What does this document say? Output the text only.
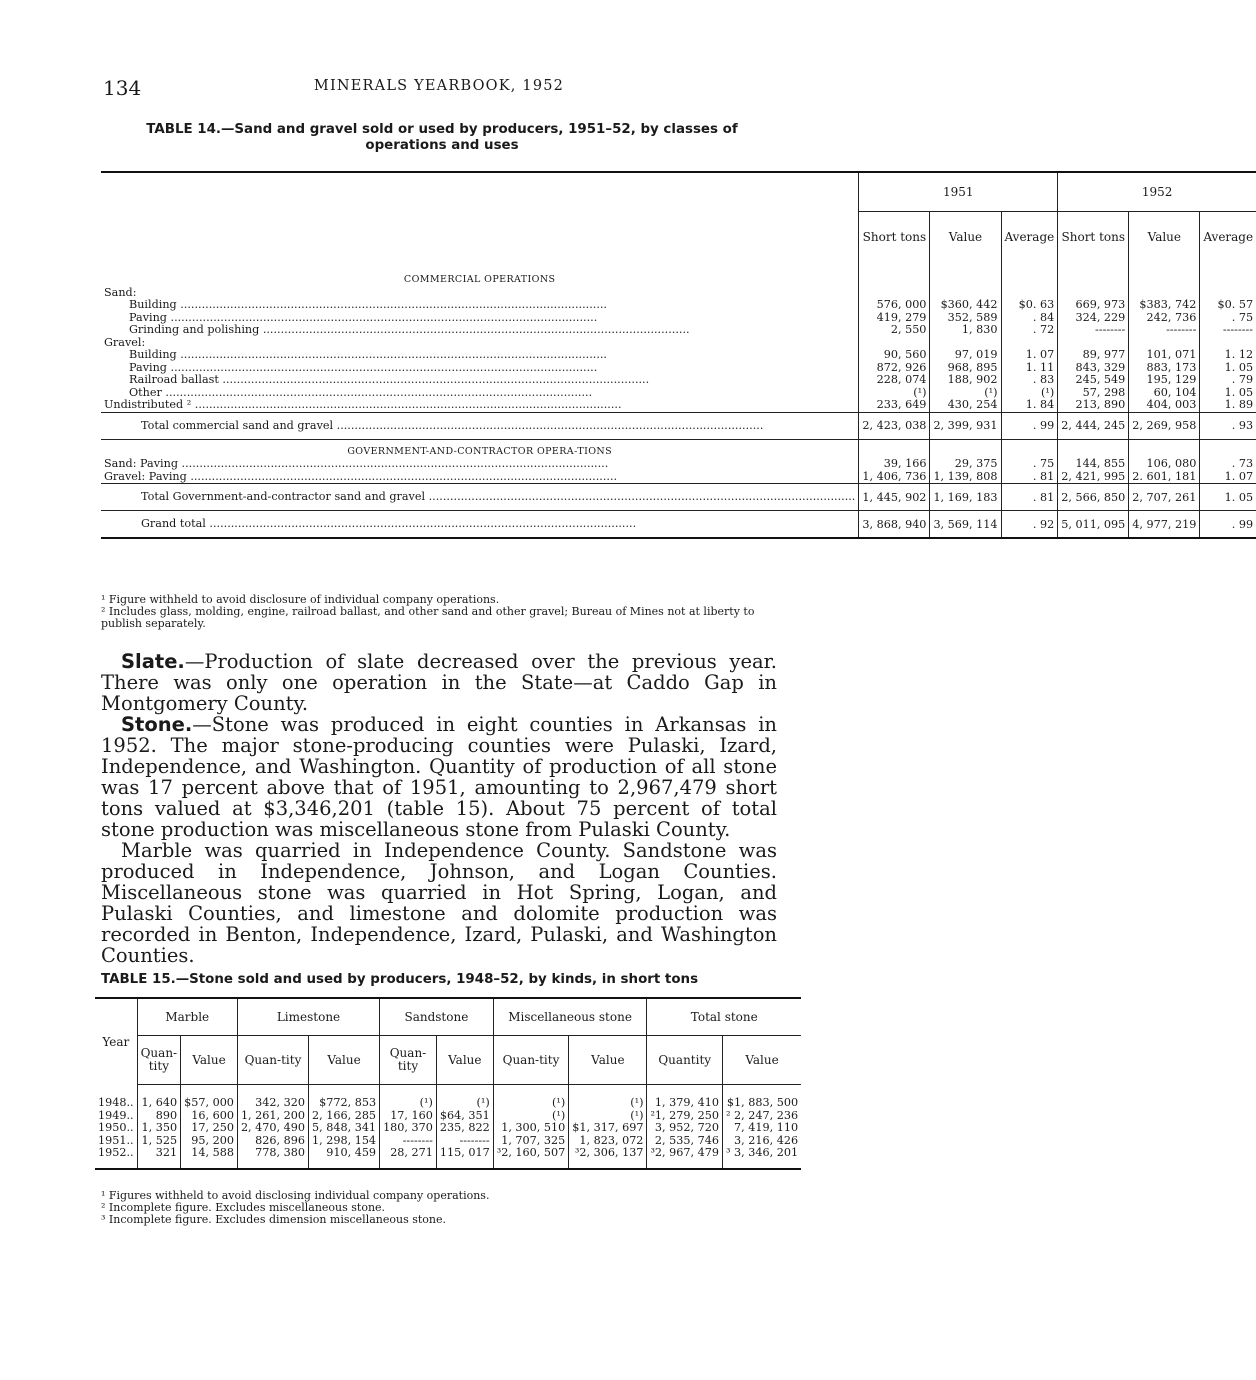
134	MINERALS YEARBOOK, 1952
TABLE 14.—Sand and gravel sold or used by producers, 1951–52, by classes of
operations and uses
	1951			1952		
	Short tons	Value	Average	Short tons	Value	Average
COMMERCIAL OPERATIONS						
Sand:						

Building ........................................................................................................................	576, 000	$360, 442	$0. 63	669, 973	$383, 742	$0. 57

Paving ........................................................................................................................	419, 279	352, 589	. 84	324, 229	242, 736	. 75

Grinding and polishing ........................................................................................................................	2, 550	1, 830	. 72	--------	--------	--------
Gravel:						

Building ........................................................................................................................	90, 560	97, 019	1. 07	89, 977	101, 071	1. 12

Paving ........................................................................................................................	872, 926	968, 895	1. 11	843, 329	883, 173	1. 05

Railroad ballast ........................................................................................................................	228, 074	188, 902	. 83	245, 549	195, 129	. 79

Other ........................................................................................................................	(¹)	(¹)	(¹)	57, 298	60, 104	1. 05

Undistributed ² ........................................................................................................................	233, 649	430, 254	1. 84	213, 890	404, 003	1. 89

Total commercial sand and gravel ........................................................................................................................	2, 423, 038	2, 399, 931	. 99	2, 444, 245	2, 269, 958	. 93
GOVERNMENT-AND-CONTRACTOR OPERA-TIONS						

Sand: Paving ........................................................................................................................	39, 166	29, 375	. 75	144, 855	106, 080	. 73

Gravel: Paving ........................................................................................................................	1, 406, 736	1, 139, 808	. 81	2, 421, 995	2. 601, 181	1. 07

Total Government-and-contractor sand and gravel ........................................................................................................................	1, 445, 902	1, 169, 183	. 81	2, 566, 850	2, 707, 261	1. 05

Grand total ........................................................................................................................	3, 868, 940	3, 569, 114	. 92	5, 011, 095	4, 977, 219	. 99
¹ Figure withheld to avoid disclosure of individual company operations.
² Includes glass, molding, engine, railroad ballast, and other sand and other gravel; Bureau of Mines not at liberty to publish separately.

Slate.—Production of slate decreased over the previous year. There was only one operation in the State—at Caddo Gap in Montgomery County.

Stone.—Stone was produced in eight counties in Arkansas in 1952. The major stone-producing counties were Pulaski, Izard, Independence, and Washington. Quantity of production of all stone was 17 percent above that of 1951, amounting to 2,967,479 short tons valued at $3,346,201 (table 15). About 75 percent of total stone production was miscellaneous stone from Pulaski County.

Marble was quarried in Independence County. Sandstone was produced in Independence, Johnson, and Logan Counties. Miscellaneous stone was quarried in Hot Spring, Logan, and Pulaski Counties, and limestone and dolomite production was recorded in Benton, Independence, Izard, Pulaski, and Washington Counties.

TABLE 15.—Stone sold and used by producers, 1948–52, by kinds, in short tons
Year	Marble		Limestone		Sandstone		Miscellaneous stone		Total stone	
	Quan-tity	Value	Quan-tity	Value	Quan-tity	Value	Quan-tity	Value	Quantity	Value
1948..	1, 640	$57, 000	342, 320	$772, 853	(¹)	(¹)	(¹)	(¹)	1, 379, 410	$1, 883, 500
1949..	890	16, 600	1, 261, 200	2, 166, 285	17, 160	$64, 351	(¹)	(¹)	²1, 279, 250	² 2, 247, 236
1950..	1, 350	17, 250	2, 470, 490	5, 848, 341	180, 370	235, 822	1, 300, 510	$1, 317, 697	3, 952, 720	7, 419, 110
1951..	1, 525	95, 200	826, 896	1, 298, 154	--------	--------	1, 707, 325	1, 823, 072	2, 535, 746	3, 216, 426
1952..	321	14, 588	778, 380	910, 459	28, 271	115, 017	³2, 160, 507	³2, 306, 137	³2, 967, 479	³ 3, 346, 201
¹ Figures withheld to avoid disclosing individual company operations.
² Incomplete figure. Excludes miscellaneous stone.
³ Incomplete figure. Excludes dimension miscellaneous stone.
